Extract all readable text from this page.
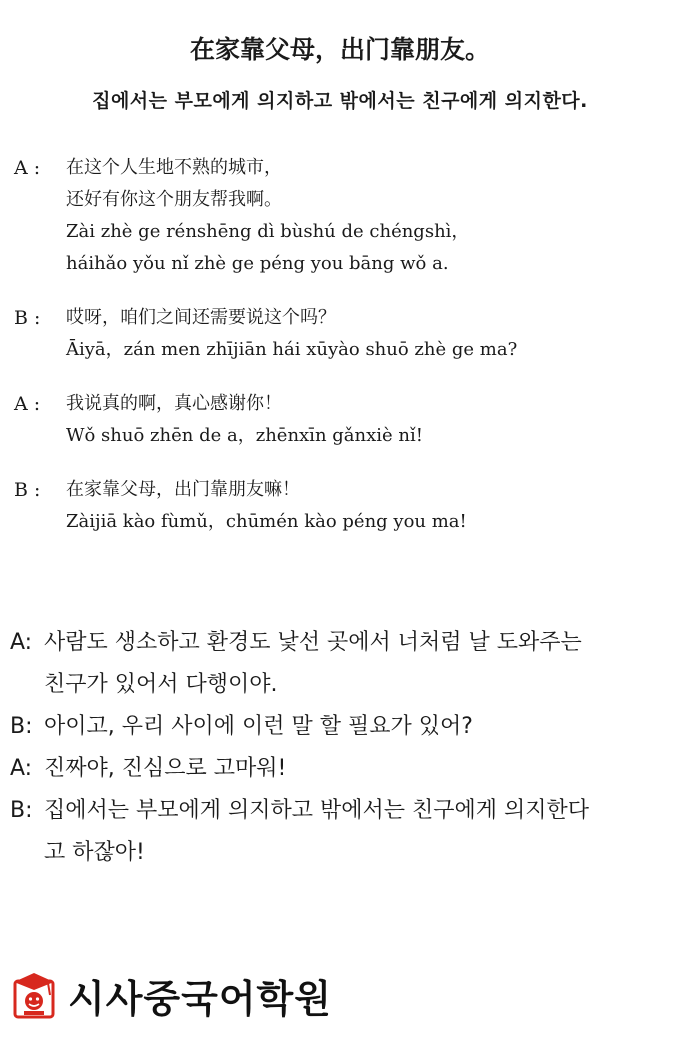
在家靠父母，出门靠朋友。
집에서는 부모에게 의지하고 밖에서는 친구에게 의지한다.
A :	在这个人生地不熟的城市，
还好有你这个朋友帮我啊。
Zài zhè ge rénshēng dì bùshú de chéngshì，
háihǎo yǒu nǐ zhè ge péng you bāng wǒ a.
B :	哎呀，咱们之间还需要说这个吗？
Āiyā，zán men zhījiān hái xūyào shuō zhè ge ma?
A :	我说真的啊，真心感谢你！
Wǒ shuō zhēn de a，zhēnxīn gǎnxiè nǐ!
B :	在家靠父母，出门靠朋友嘛！
Zàijiā kào fùmǔ，chūmén kào péng you ma!
A: 사람도 생소하고 환경도 낯선 곳에서 너처럼 날 도와주는
친구가 있어서 다행이야.
B: 아이고, 우리 사이에 이런 말 할 필요가 있어?
A: 진짜야, 진심으로 고마워!
B: 집에서는 부모에게 의지하고 밖에서는 친구에게 의지한다
고 하잖아!
시사중국어학원
